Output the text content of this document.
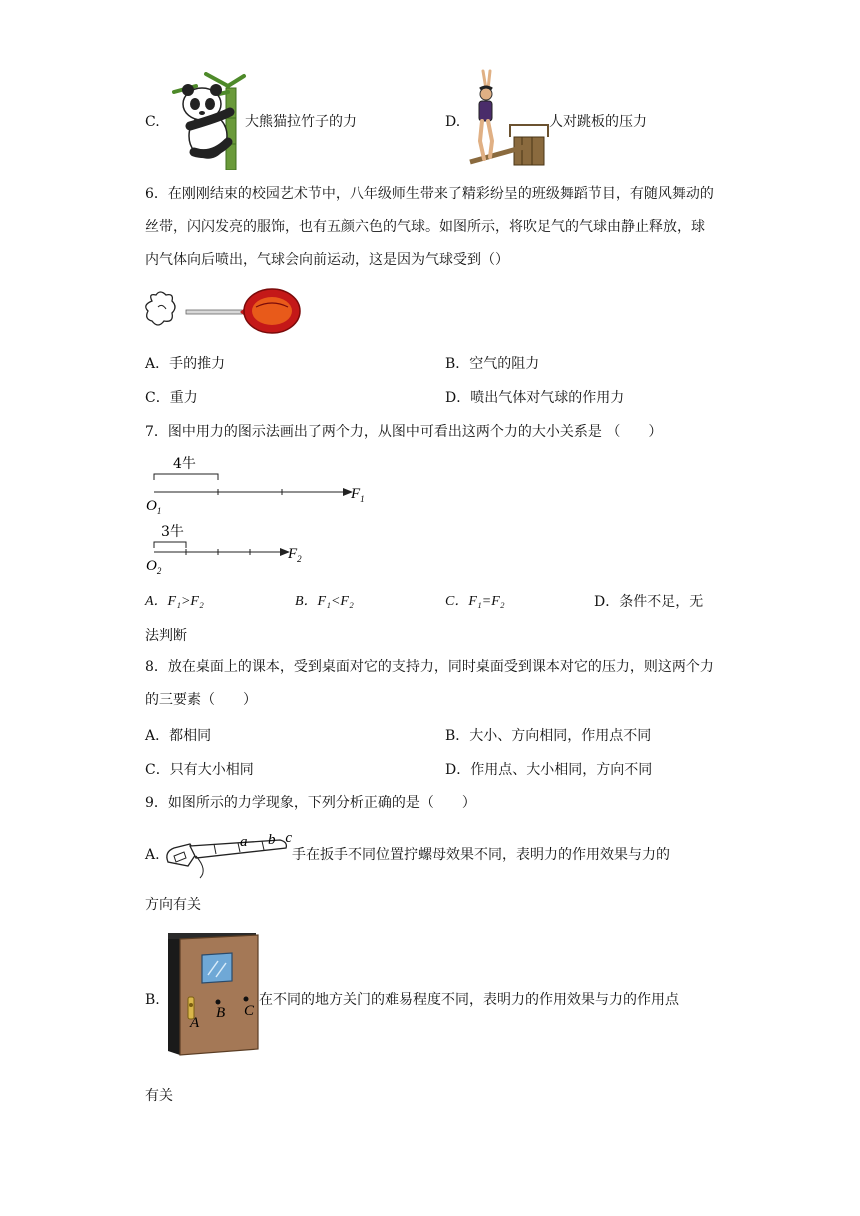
C.	大熊猫拉竹子的力	D.	人对跳板的压力
6．在刚刚结束的校园艺术节中，八年级师生带来了精彩纷呈的班级舞蹈节目，有随风舞动的丝带，闪闪发亮的服饰，也有五颜六色的气球。如图所示，将吹足气的气球由静止释放，球内气体向后喷出，气球会向前运动，这是因为气球受到（）
A．手的推力	B．空气的阻力
C．重力	D．喷出气体对气球的作用力
7．图中用力的图示法画出了两个力，从图中可看出这两个力的大小关系是 （　　）
4牛
$O_1$
$F_1$
3牛
$O_2$
$F_2$
A．F₁>F₂	B．F₁<F₂	C．F₁=F₂	D．条件不足，无
法判断
8．放在桌面上的课本，受到桌面对它的支持力，同时桌面受到课本对它的压力，则这两个力的三要素（　　）
A．都相同	B．大小、方向相同，作用点不同
C．只有大小相同	D．作用点、大小相同，方向不同
9．如图所示的力学现象，下列分析正确的是（　　）
A.
a b c
手在扳手不同位置拧螺母效果不同，表明力的作用效果与力的
方向有关
B.
A
B C
在不同的地方关门的难易程度不同，表明力的作用效果与力的作用点
有关
